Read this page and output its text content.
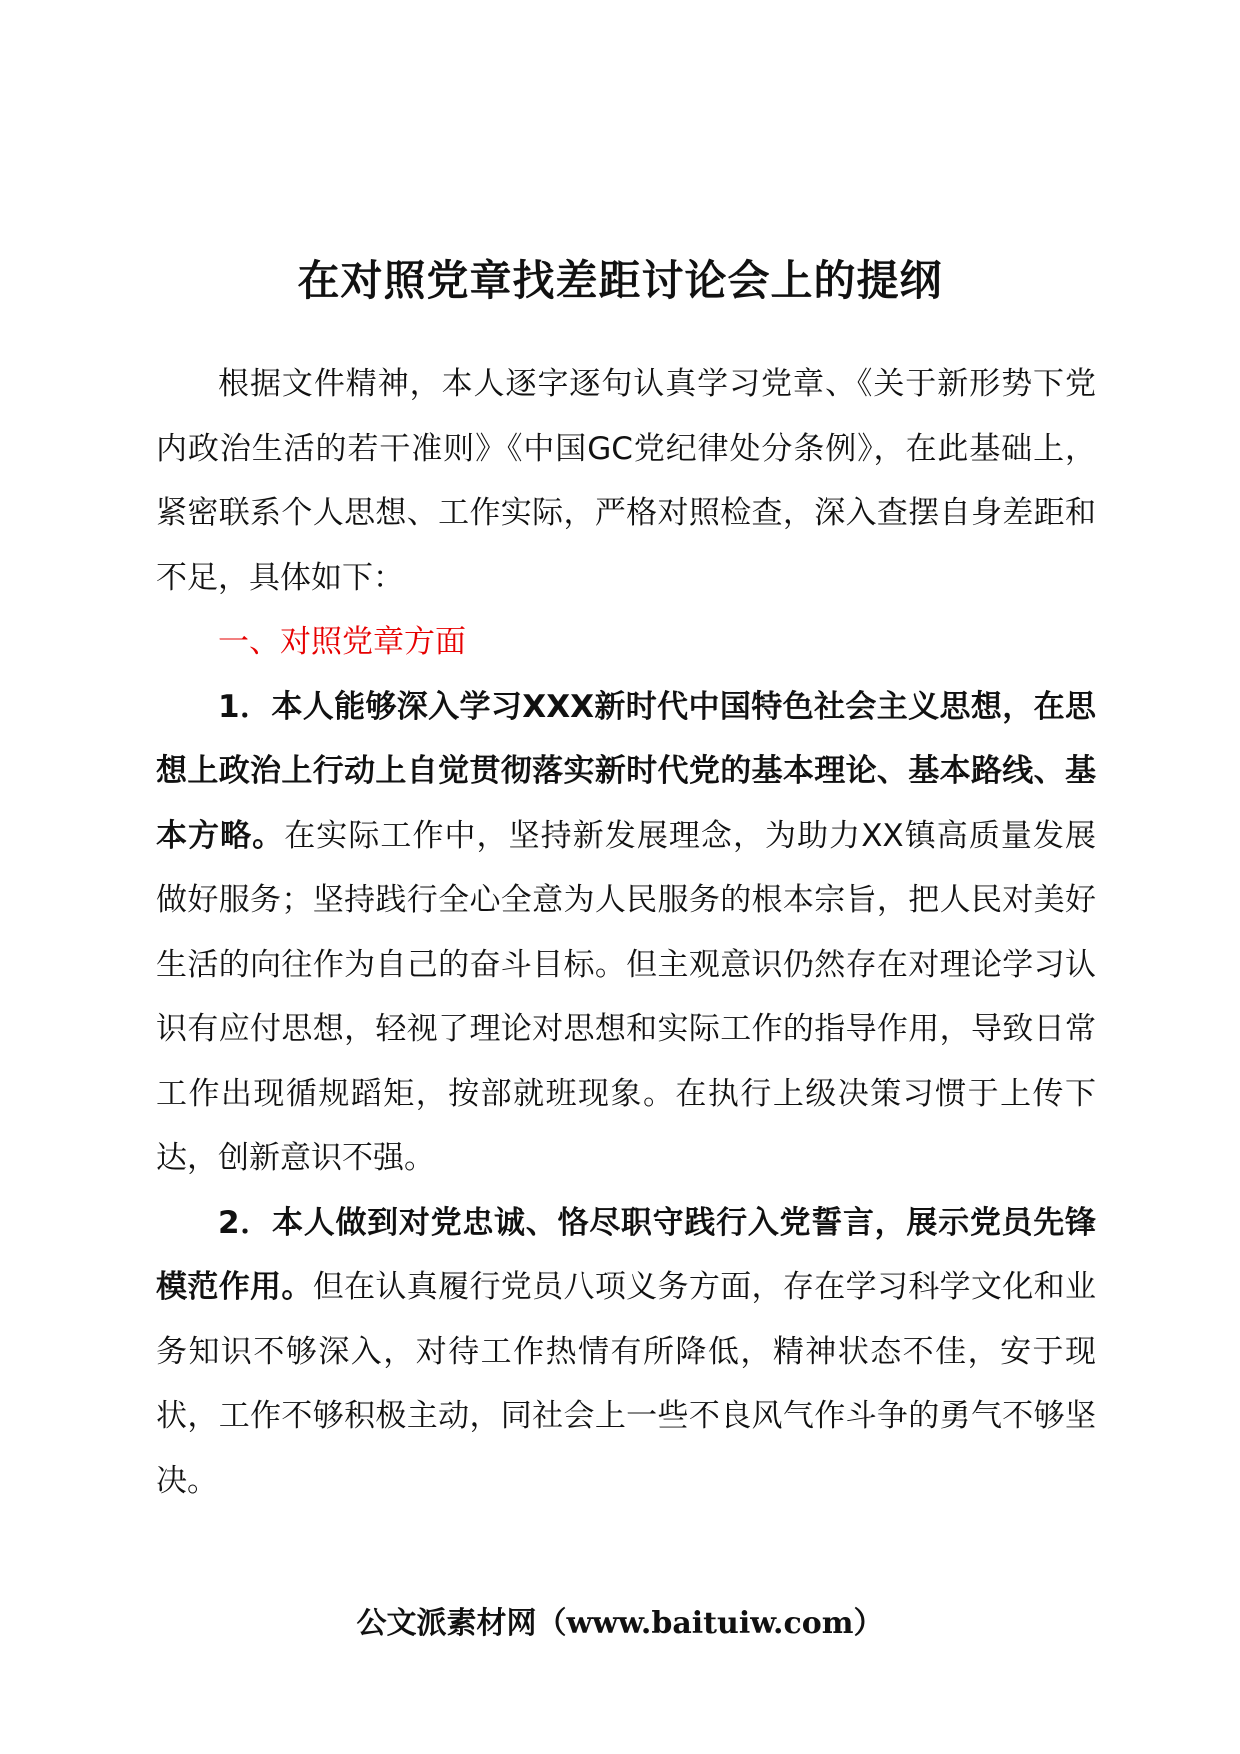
在对照党章找差距讨论会上的提纲

根据文件精神，本人逐字逐句认真学习党章、《关于新形势下党内政治生活的若干准则》《中国GC党纪律处分条例》，在此基础上，紧密联系个人思想、工作实际，严格对照检查，深入查摆自身差距和不足，具体如下：

一、对照党章方面

1．本人能够深入学习XXX新时代中国特色社会主义思想，在思想上政治上行动上自觉贯彻落实新时代党的基本理论、基本路线、基本方略。在实际工作中，坚持新发展理念，为助力XX镇高质量发展做好服务；坚持践行全心全意为人民服务的根本宗旨，把人民对美好生活的向往作为自己的奋斗目标。但主观意识仍然存在对理论学习认识有应付思想，轻视了理论对思想和实际工作的指导作用，导致日常工作出现循规蹈矩，按部就班现象。在执行上级决策习惯于上传下达，创新意识不强。

2．本人做到对党忠诚、恪尽职守践行入党誓言，展示党员先锋模范作用。但在认真履行党员八项义务方面，存在学习科学文化和业务知识不够深入，对待工作热情有所降低，精神状态不佳，安于现状，工作不够积极主动，同社会上一些不良风气作斗争的勇气不够坚决。

公文派素材网（www.baituiw.com）
